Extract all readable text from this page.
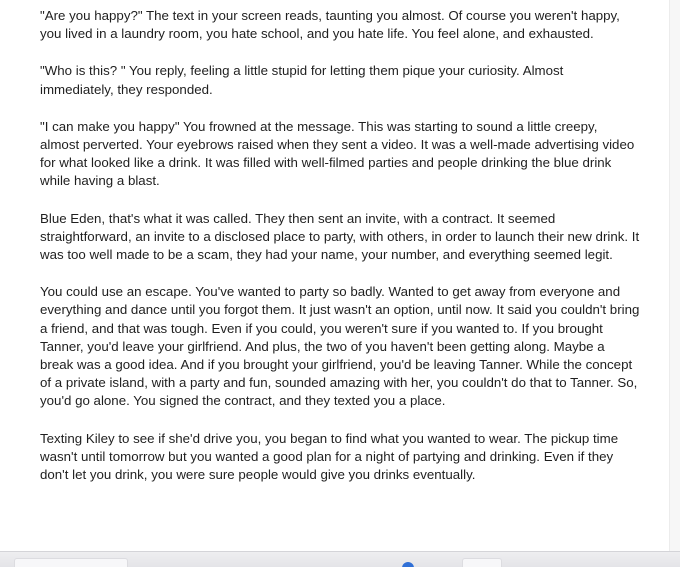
"Are you happy?" The text in your screen reads, taunting you almost. Of course you weren't happy, you lived in a laundry room, you hate school, and you hate life. You feel alone, and exhausted.

"Who is this? " You reply, feeling a little stupid for letting them pique your curiosity. Almost immediately, they responded.

"I can make you happy" You frowned at the message. This was starting to sound a little creepy, almost perverted. Your eyebrows raised when they sent a video. It was a well-made advertising video for what looked like a drink. It was filled with well-filmed parties and people drinking the blue drink while having a blast.

Blue Eden, that's what it was called. They then sent an invite, with a contract. It seemed straightforward, an invite to a disclosed place to party, with others, in order to launch their new drink. It was too well made to be a scam, they had your name, your number, and everything seemed legit.

You could use an escape. You've wanted to party so badly. Wanted to get away from everyone and everything and dance until you forgot them. It just wasn't an option, until now. It said you couldn't bring a friend, and that was tough. Even if you could, you weren't sure if you wanted to. If you brought Tanner, you'd leave your girlfriend. And plus, the two of you haven't been getting along. Maybe a break was a good idea. And if you brought your girlfriend, you'd be leaving Tanner. While the concept of a private island, with a party and fun, sounded amazing with her, you couldn't do that to Tanner. So, you'd go alone. You signed the contract, and they texted you a place.

Texting Kiley to see if she'd drive you, you began to find what you wanted to wear. The pickup time wasn't until tomorrow but you wanted a good plan for a night of partying and drinking. Even if they don't let you drink, you were sure people would give you drinks eventually.
